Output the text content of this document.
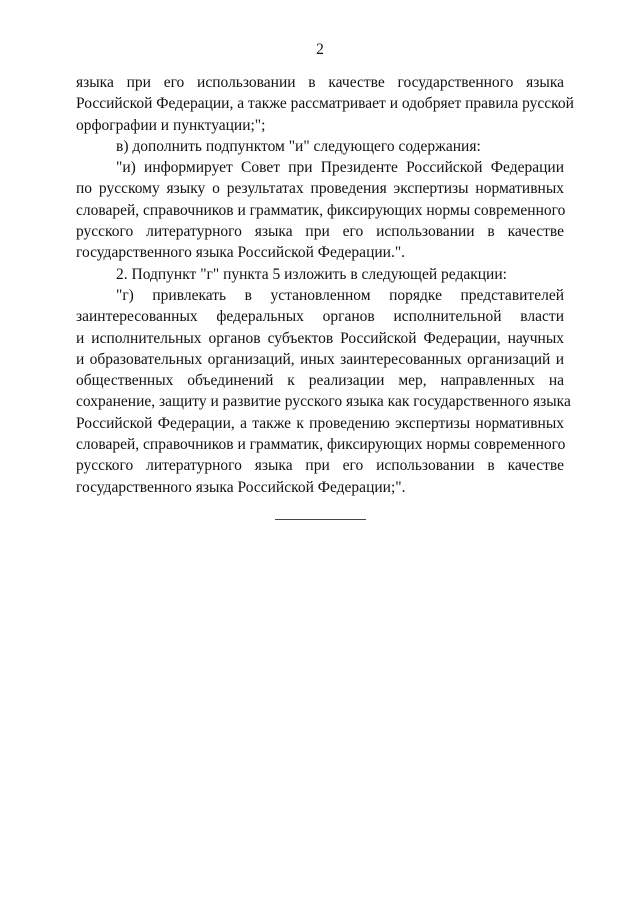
2
языка при его использовании в качестве государственного языка
Российской Федерации, а также рассматривает и одобряет правила русской
орфографии и пунктуации;";
в) дополнить подпунктом "и" следующего содержания:
"и) информирует Совет при Президенте Российской Федерации
по русскому языку о результатах проведения экспертизы нормативных
словарей, справочников и грамматик, фиксирующих нормы современного
русского литературного языка при его использовании в качестве
государственного языка Российской Федерации.".
2. Подпункт "г" пункта 5 изложить в следующей редакции:
"г) привлекать в установленном порядке представителей
заинтересованных федеральных органов исполнительной власти
и исполнительных органов субъектов Российской Федерации, научных
и образовательных организаций, иных заинтересованных организаций и
общественных объединений к реализации мер, направленных на
сохранение, защиту и развитие русского языка как государственного языка
Российской Федерации, а также к проведению экспертизы нормативных
словарей, справочников и грамматик, фиксирующих нормы современного
русского литературного языка при его использовании в качестве
государственного языка Российской Федерации;".
